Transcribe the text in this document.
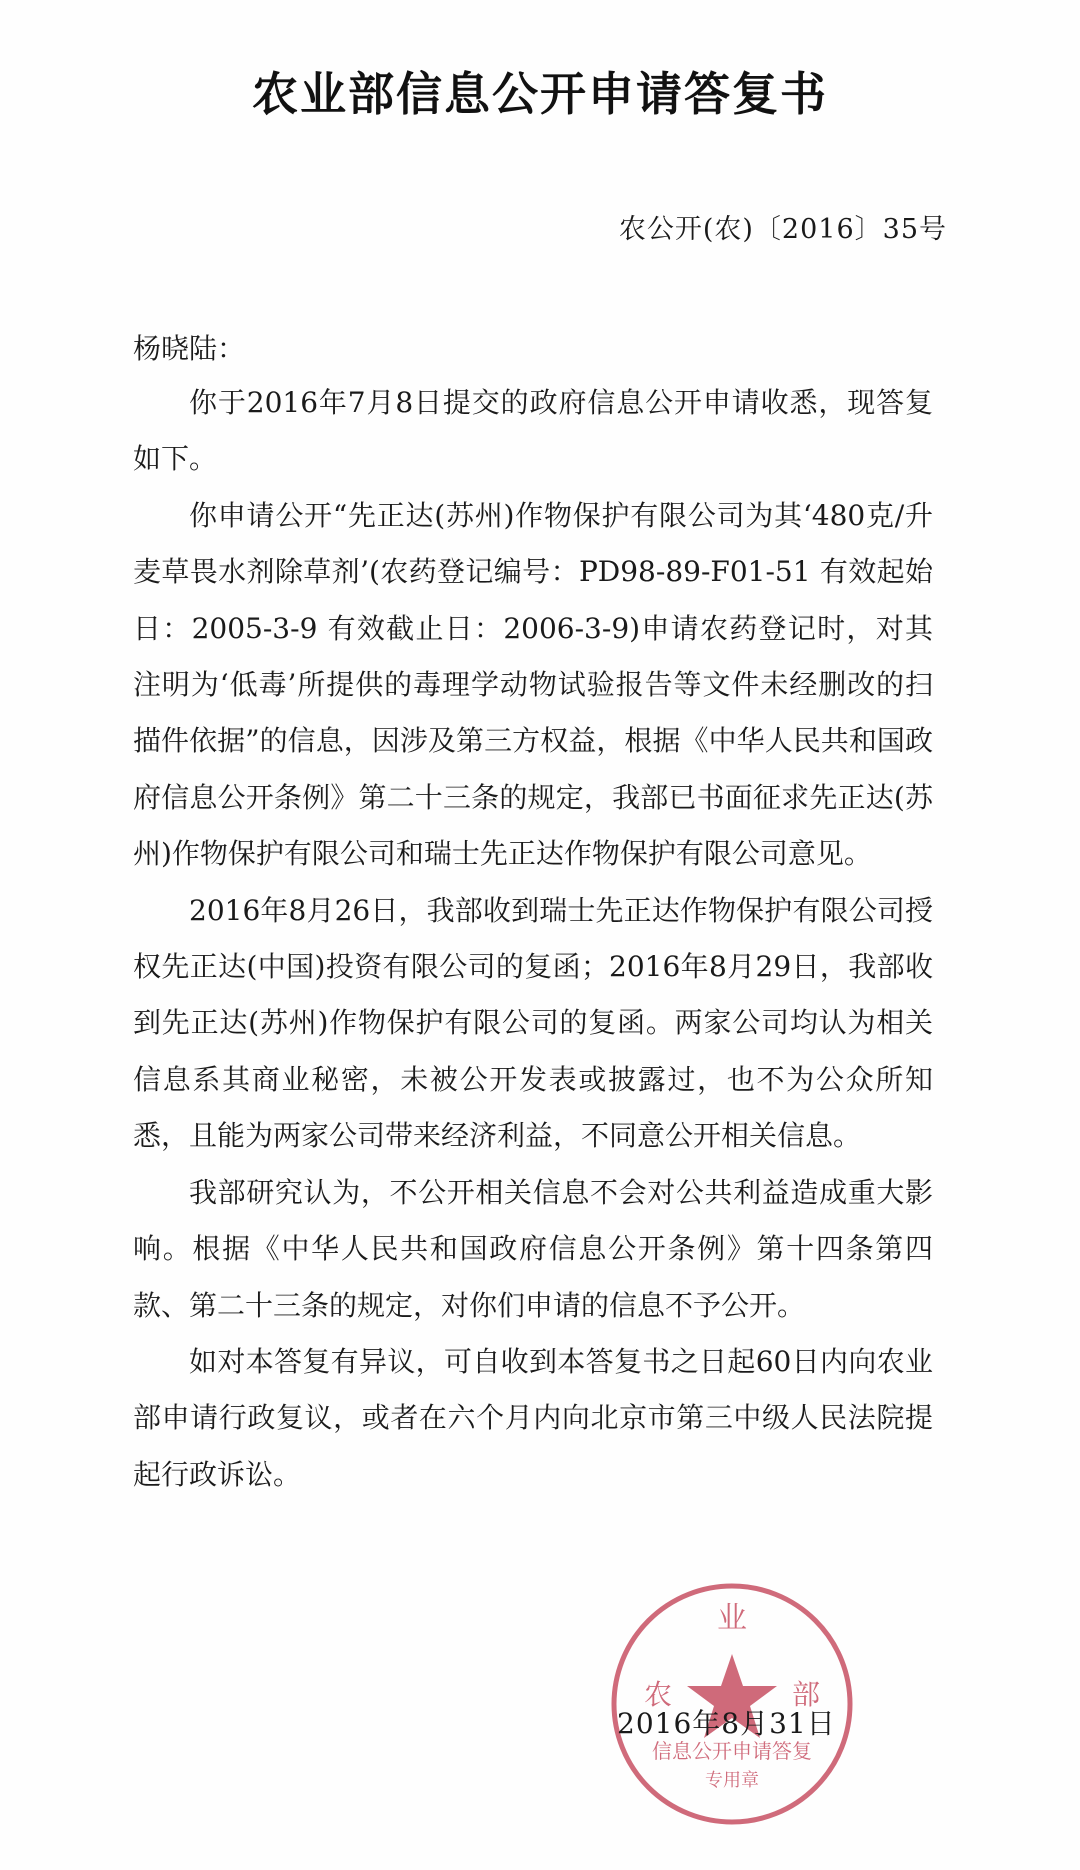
农业部信息公开申请答复书
农公开(农)〔2016〕35号
杨晓陆：

你于2016年7月8日提交的政府信息公开申请收悉，现答复如下。

你申请公开“先正达(苏州)作物保护有限公司为其‘480克/升麦草畏水剂除草剂’(农药登记编号：PD98-89-F01-51 有效起始日：2005-3-9 有效截止日：2006-3-9)申请农药登记时，对其注明为‘低毒’所提供的毒理学动物试验报告等文件未经删改的扫描件依据”的信息，因涉及第三方权益，根据《中华人民共和国政府信息公开条例》第二十三条的规定，我部已书面征求先正达(苏州)作物保护有限公司和瑞士先正达作物保护有限公司意见。

2016年8月26日，我部收到瑞士先正达作物保护有限公司授权先正达(中国)投资有限公司的复函；2016年8月29日，我部收到先正达(苏州)作物保护有限公司的复函。两家公司均认为相关信息系其商业秘密，未被公开发表或披露过，也不为公众所知悉，且能为两家公司带来经济利益，不同意公开相关信息。

我部研究认为，不公开相关信息不会对公共利益造成重大影响。根据《中华人民共和国政府信息公开条例》第十四条第四款、第二十三条的规定，对你们申请的信息不予公开。

如对本答复有异议，可自收到本答复书之日起60日内向农业部申请行政复议，或者在六个月内向北京市第三中级人民法院提起行政诉讼。

业
农	部
信息公开申请答复
专用章
2016年8月31日
